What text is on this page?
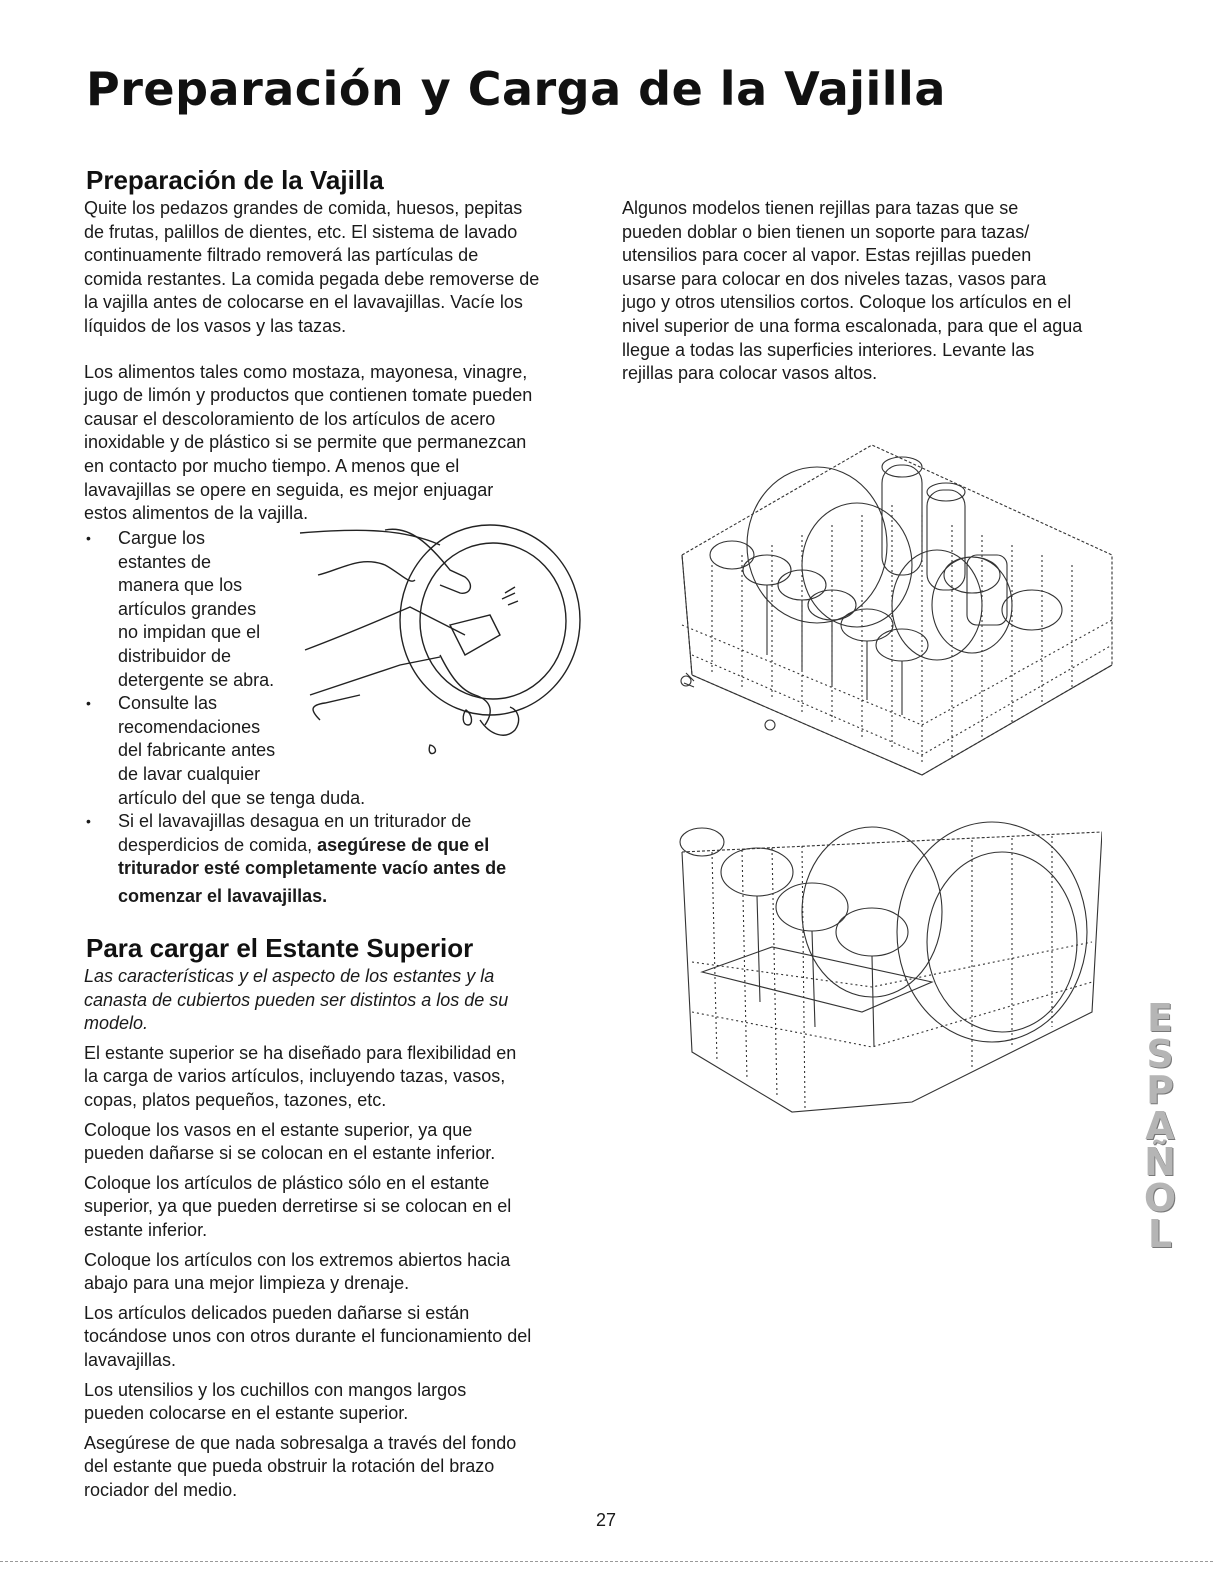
Preparación y Carga de la Vajilla
Preparación de la Vajilla

Quite los pedazos grandes de comida, huesos, pepitas
de frutas, palillos de dientes, etc. El sistema de lavado
continuamente filtrado removerá las partículas de
comida restantes. La comida pegada debe removerse de
la vajilla antes de colocarse en el lavavajillas. Vacíe los
líquidos de los vasos y las tazas.

Los alimentos tales como mostaza, mayonesa, vinagre,
jugo de limón y productos que contienen tomate pueden
causar el descoloramiento de los artículos de acero
inoxidable y de plástico si se permite que permanezcan
en contacto por mucho tiempo. A menos que el
lavavajillas se opere en seguida, es mejor enjuagar
estos alimentos de la vajilla.

• Cargue los
estantes de
manera que los
artículos grandes
no impidan que el
distribuidor de
detergente se abra.
• Consulte las
recomendaciones
del fabricante antes
de lavar cualquier
artículo del que se tenga duda.
• Si el lavavajillas desagua en un triturador de
desperdicios de comida, asegúrese de que el
triturador esté completamente vacío antes de
comenzar el lavavajillas.
Para cargar el Estante Superior

Las características y el aspecto de los estantes y la
canasta de cubiertos pueden ser distintos a los de su
modelo.

El estante superior se ha diseñado para flexibilidad en
la carga de varios artículos, incluyendo tazas, vasos,
copas, platos pequeños, tazones, etc.

Coloque los vasos en el estante superior, ya que
pueden dañarse si se colocan en el estante inferior.

Coloque los artículos de plástico sólo en el estante
superior, ya que pueden derretirse si se colocan en el
estante inferior.

Coloque los artículos con los extremos abiertos hacia
abajo para una mejor limpieza y drenaje.

Los artículos delicados pueden dañarse si están
tocándose unos con otros durante el funcionamiento del
lavavajillas.

Los utensilios y los cuchillos con mangos largos
pueden colocarse en el estante superior.

Asegúrese de que nada sobresalga a través del fondo
del estante que pueda obstruir la rotación del brazo
rociador del medio.

Algunos modelos tienen rejillas para tazas que se
pueden doblar o bien tienen un soporte para tazas/
utensilios para cocer al vapor. Estas rejillas pueden
usarse para colocar en dos niveles tazas, vasos para
jugo y otros utensilios cortos. Coloque los artículos en el
nivel superior de una forma escalonada, para que el agua
llegue a todas las superficies interiores. Levante las
rejillas para colocar vasos altos.

E
S
P
A
Ñ
O
L
27
